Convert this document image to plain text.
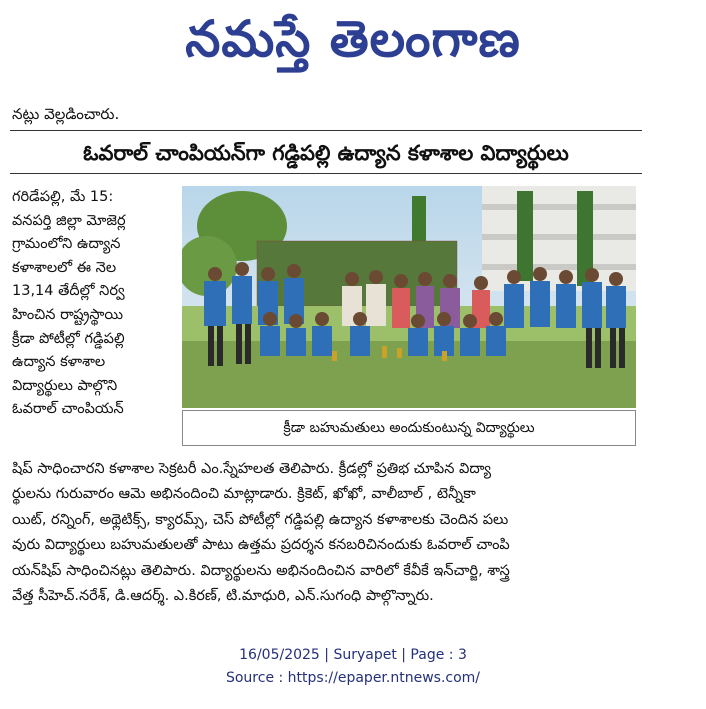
నమస్తే తెలంగాణ
నట్లు వెల్లడించారు.
ఓవరాల్ చాంపియన్‌గా గడ్డిపల్లి ఉద్యాన కళాశాల విద్యార్థులు
గరిడేపల్లి, మే 15:
వనపర్తి జిల్లా మోజెర్ల
గ్రామంలోని ఉద్యాన
కళాశాలలో ఈ నెల
13,14 తేదీల్లో నిర్వ
హించిన రాష్ట్రస్థాయి
క్రీడా పోటీల్లో గడ్డిపల్లి
ఉద్యాన కళాశాల
విద్యార్థులు పాల్గొని
ఓవరాల్ చాంపియన్
క్రీడా బహుమతులు అందుకుంటున్న విద్యార్థులు
షిప్ సాధించారని కళాశాల సెక్రటరీ ఎం.స్నేహలత తెలిపారు. క్రీడల్లో ప్రతిభ చూపిన విద్యా
ర్థులను గురువారం ఆమె అభినందించి మాట్లాడారు. క్రికెట్, ఖోఖో, వాలీబాల్ , టెన్నీకా
యిట్, రన్నింగ్, అథ్లెటిక్స్, క్యారమ్స్, చెస్ పోటీల్లో గడ్డిపల్లి ఉద్యాన కళాశాలకు చెందిన పలు
వురు విద్యార్థులు బహుమతులతో పాటు ఉత్తమ ప్రదర్శన కనబరిచినందుకు ఓవరాల్ చాంపి
యన్‌షిప్ సాధించినట్లు తెలిపారు. విద్యార్థులను అభినందించిన వారిలో కేవీకే ఇన్‌చార్జి, శాస్త్ర
వేత్త సీహెచ్.నరేశ్, డి.ఆదర్శ్. ఎ.కిరణ్, టి.మాధురి, ఎన్.సుగంధి పాల్గొన్నారు.
16/05/2025 | Suryapet | Page : 3
Source : https://epaper.ntnews.com/
